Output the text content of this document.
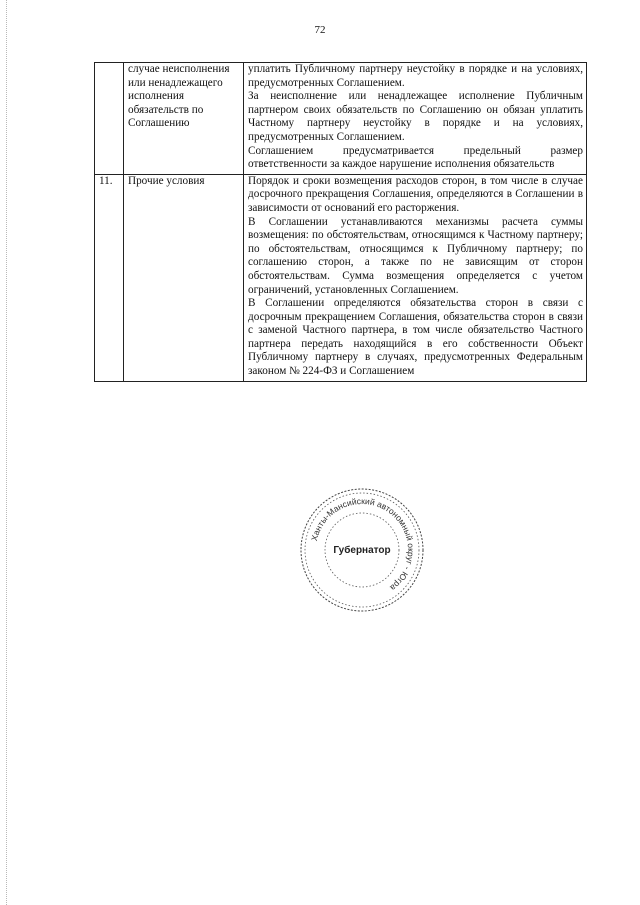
72
	случае неисполнения или ненадлежащего исполнения обязательств по Соглашению	уплатить Публичному партнеру неустойку в порядке и на условиях, предусмотренных Соглашением.

За неисполнение или ненадлежащее исполнение Публичным партнером своих обязательств по Соглашению он обязан уплатить Частному партнеру неустойку в порядке и на условиях, предусмотренных Соглашением.

Соглашением предусматривается предельный размер ответственности за каждое нарушение исполнения обязательств

11.	Прочие условия	Порядок и сроки возмещения расходов сторон, в том числе в случае досрочного прекращения Соглашения, определяются в Соглашении в зависимости от оснований его расторжения.

В Соглашении устанавливаются механизмы расчета суммы возмещения: по обстоятельствам, относящимся к Частному партнеру; по обстоятельствам, относящимся к Публичному партнеру; по соглашению сторон, а также по не зависящим от сторон обстоятельствам. Сумма возмещения определяется с учетом ограничений, установленных Соглашением.

В Соглашении определяются обязательства сторон в связи с досрочным прекращением Соглашения, обязательства сторон в связи с заменой Частного партнера, в том числе обязательство Частного партнера передать находящийся в его собственности Объект Публичному партнеру в случаях, предусмотренных Федеральным законом № 224-ФЗ и Соглашением

Ханты-Мансийский автономный округ - Югра
Губернатор
